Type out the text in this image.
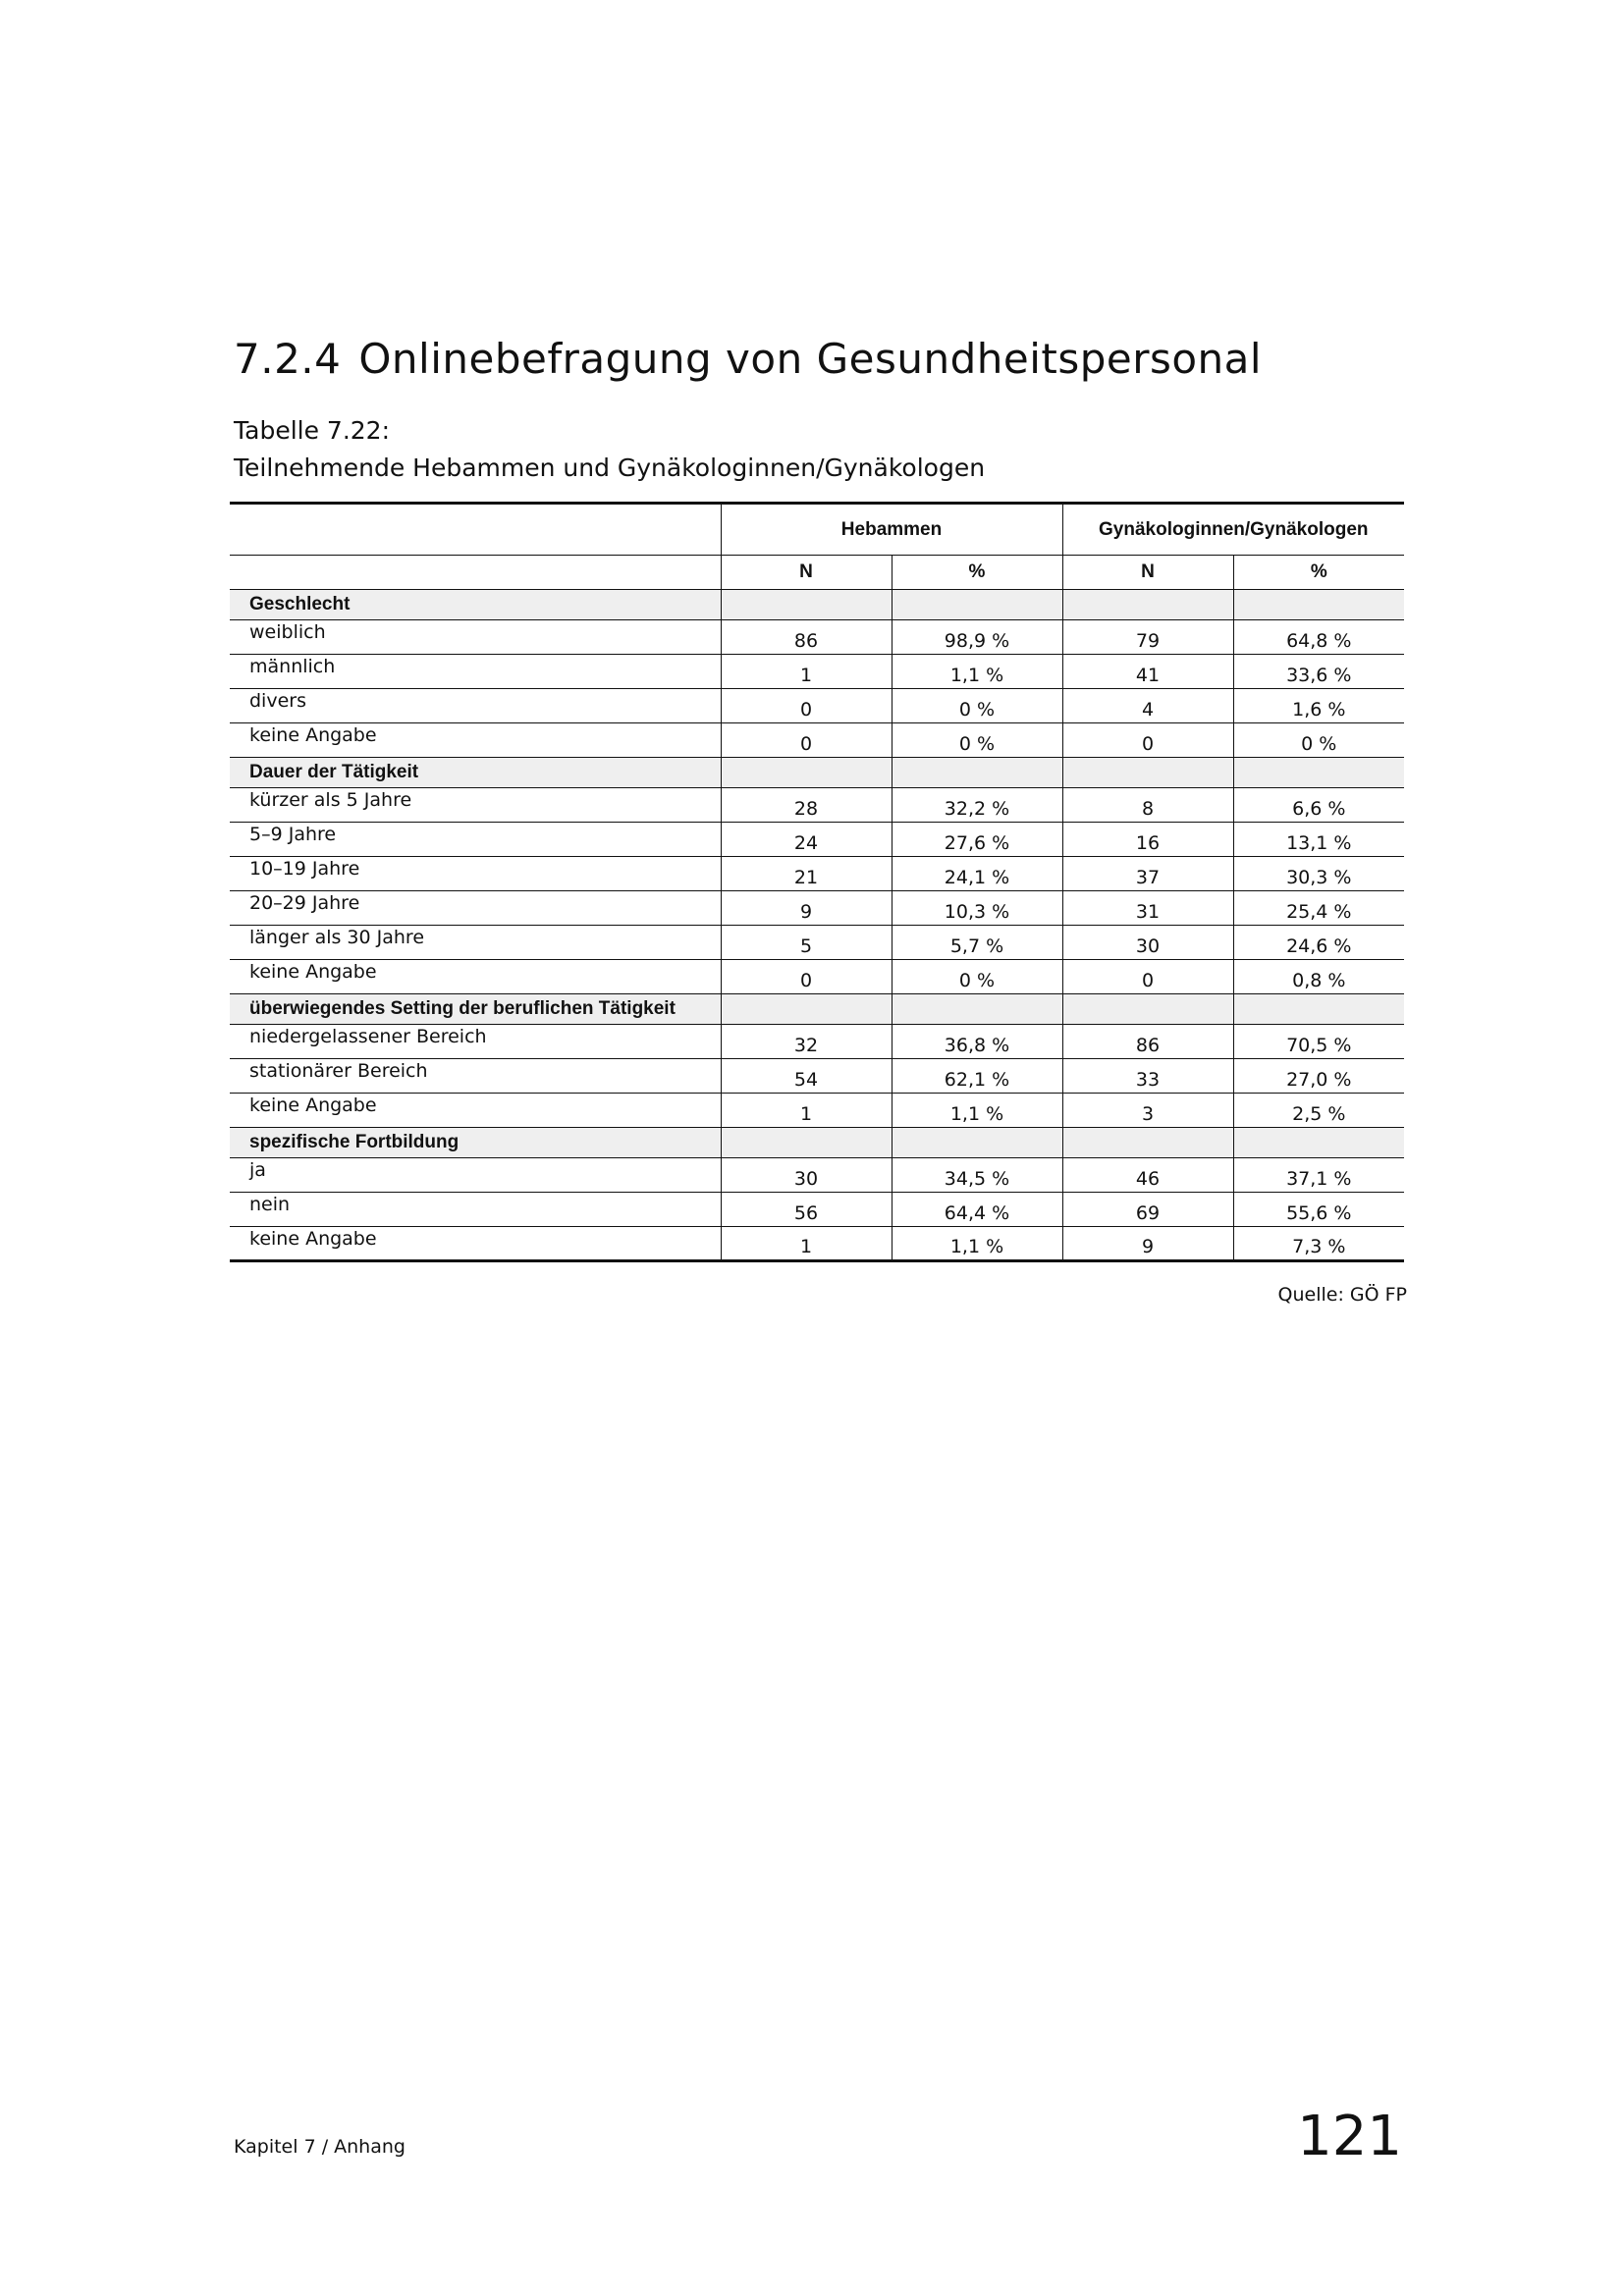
7.2.4 Onlinebefragung von Gesundheitspersonal
Tabelle 7.22:
Teilnehmende Hebammen und Gynäkologinnen/Gynäkologen
	Hebammen		Gynäkologinnen/Gynäkologen	
	N	%	N	%
Geschlecht				
weiblich	86	98,9 %	79	64,8 %
männlich	1	1,1 %	41	33,6 %
divers	0	0 %	4	1,6 %
keine Angabe	0	0 %	0	0 %
Dauer der Tätigkeit				
kürzer als 5 Jahre	28	32,2 %	8	6,6 %
5–9 Jahre	24	27,6 %	16	13,1 %
10–19 Jahre	21	24,1 %	37	30,3 %
20–29 Jahre	9	10,3 %	31	25,4 %
länger als 30 Jahre	5	5,7 %	30	24,6 %
keine Angabe	0	0 %	0	0,8 %
überwiegendes Setting der beruflichen Tätigkeit				
niedergelassener Bereich	32	36,8 %	86	70,5 %
stationärer Bereich	54	62,1 %	33	27,0 %
keine Angabe	1	1,1 %	3	2,5 %
spezifische Fortbildung				
ja	30	34,5 %	46	37,1 %
nein	56	64,4 %	69	55,6 %
keine Angabe	1	1,1 %	9	7,3 %
Quelle: GÖ FP
Kapitel 7 / Anhang	121
